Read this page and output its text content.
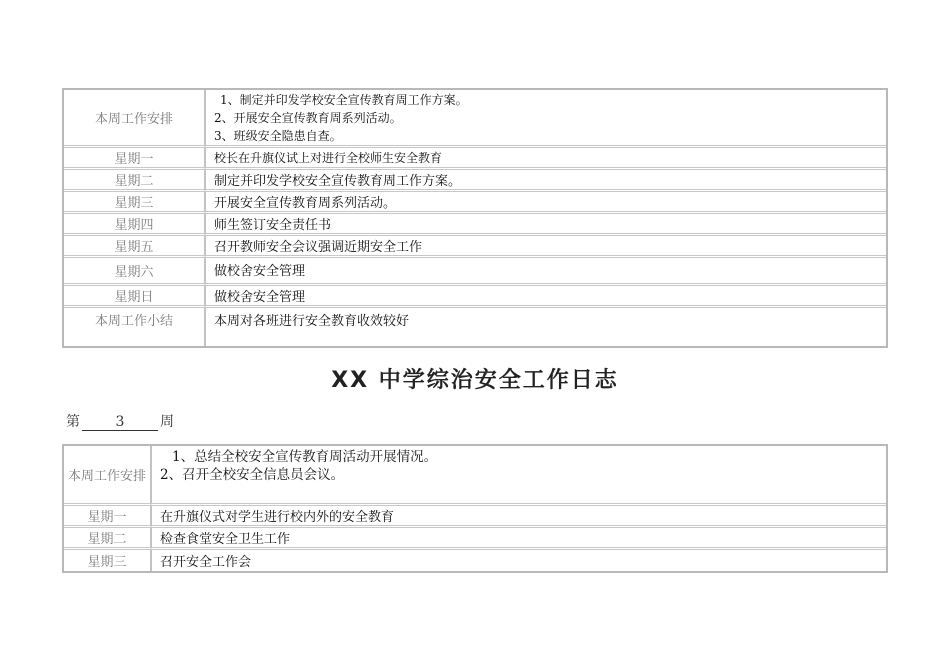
本周工作安排	1、制定并印发学校安全宣传教育周工作方案。

2、开展安全宣传教育周系列活动。

3、班级安全隐患自查。

星期一	校长在升旗仪试上对进行全校师生安全教育
星期二	制定并印发学校安全宣传教育周工作方案。
星期三	开展安全宣传教育周系列活动。
星期四	师生签订安全责任书
星期五	召开教师安全会议强调近期安全工作
星期六	做校舍安全管理
星期日	做校舍安全管理
本周工作小结	本周对各班进行安全教育收效较好
XX 中学综治安全工作日志
第	3	周
本周工作安排	1、总结全校安全宣传教育周活动开展情况。

2、召开全校安全信息员会议。

星期一	在升旗仪式对学生进行校内外的安全教育
星期二	检查食堂安全卫生工作
星期三	召开安全工作会
